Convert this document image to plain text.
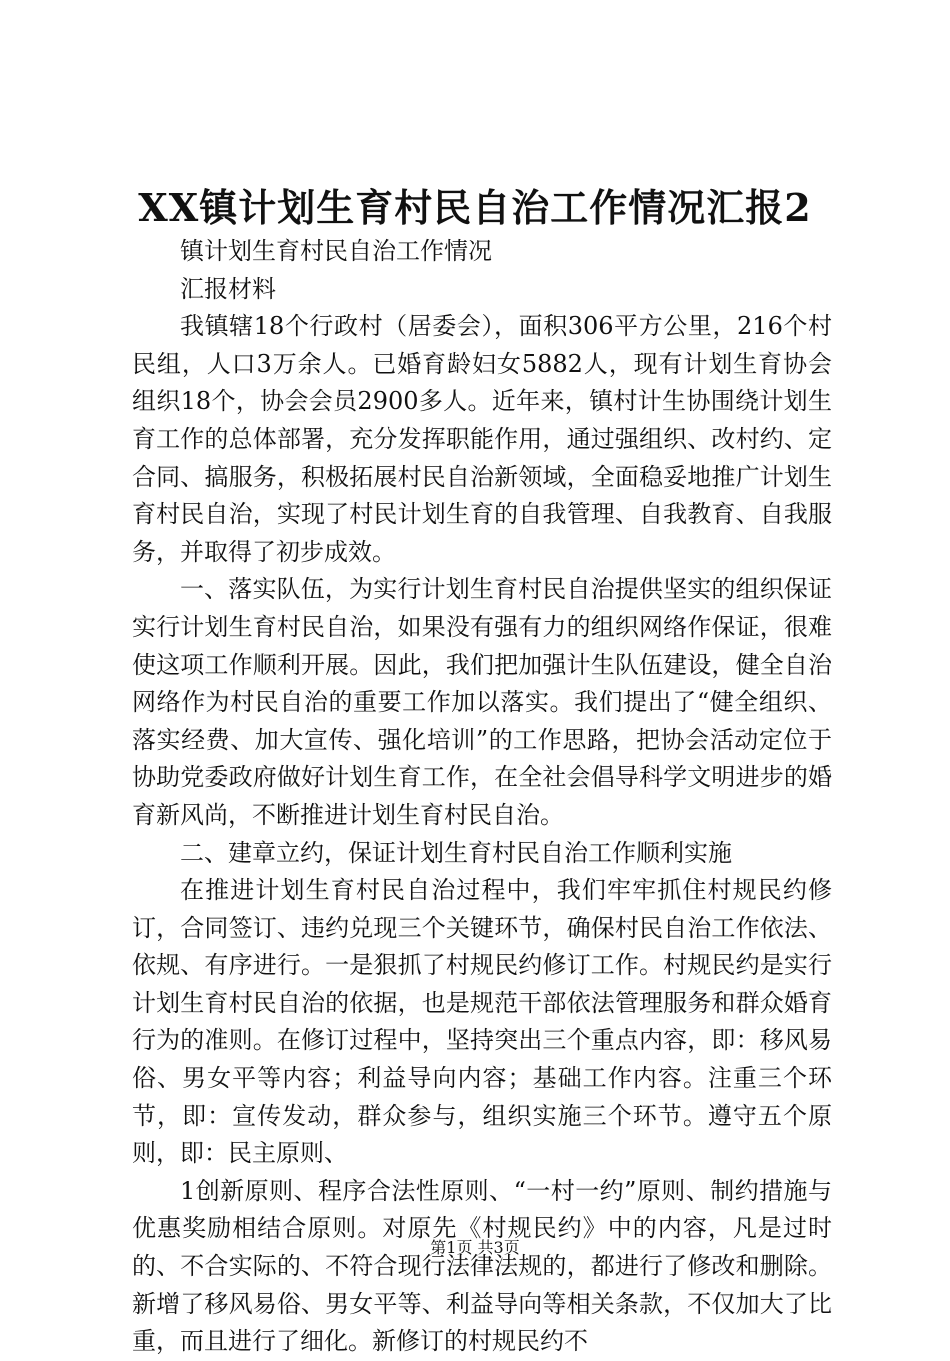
XX镇计划生育村民自治工作情况汇报2

镇计划生育村民自治工作情况

汇报材料

我镇辖18个行政村（居委会），面积306平方公里，216个村民组，人口3万余人。已婚育龄妇女5882人，现有计划生育协会组织18个，协会会员2900多人。近年来，镇村计生协围绕计划生育工作的总体部署，充分发挥职能作用，通过强组织、改村约、定合同、搞服务，积极拓展村民自治新领域，全面稳妥地推广计划生育村民自治，实现了村民计划生育的自我管理、自我教育、自我服务，并取得了初步成效。

一、落实队伍，为实行计划生育村民自治提供坚实的组织保证实行计划生育村民自治，如果没有强有力的组织网络作保证，很难使这项工作顺利开展。因此，我们把加强计生队伍建设，健全自治网络作为村民自治的重要工作加以落实。我们提出了“健全组织、落实经费、加大宣传、强化培训”的工作思路，把协会活动定位于协助党委政府做好计划生育工作，在全社会倡导科学文明进步的婚育新风尚，不断推进计划生育村民自治。

二、建章立约，保证计划生育村民自治工作顺利实施

在推进计划生育村民自治过程中，我们牢牢抓住村规民约修订，合同签订、违约兑现三个关键环节，确保村民自治工作依法、依规、有序进行。一是狠抓了村规民约修订工作。村规民约是实行计划生育村民自治的依据，也是规范干部依法管理服务和群众婚育行为的准则。在修订过程中，坚持突出三个重点内容，即：移风易俗、男女平等内容；利益导向内容；基础工作内容。注重三个环节，即：宣传发动，群众参与，组织实施三个环节。遵守五个原则，即：民主原则、

1创新原则、程序合法性原则、“一村一约”原则、制约措施与优惠奖励相结合原则。对原先《村规民约》中的内容，凡是过时的、不合实际的、不符合现行法律法规的，都进行了修改和删除。新增了移风易俗、男女平等、利益导向等相关条款，不仅加大了比重，而且进行了细化。新修订的村规民约不

第1页 共3页
